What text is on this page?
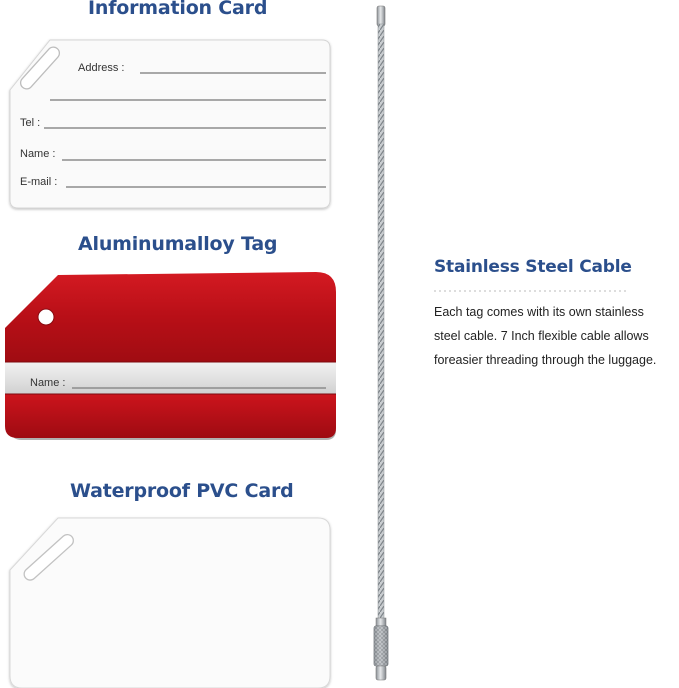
Information Card
Aluminumalloy Tag
Waterproof PVC Card
Stainless Steel Cable
Address :
Tel :
Name :
E-mail :
Name :
Each tag comes with its own stainless
steel cable. 7 Inch flexible cable allows
foreasier threading through the luggage.
